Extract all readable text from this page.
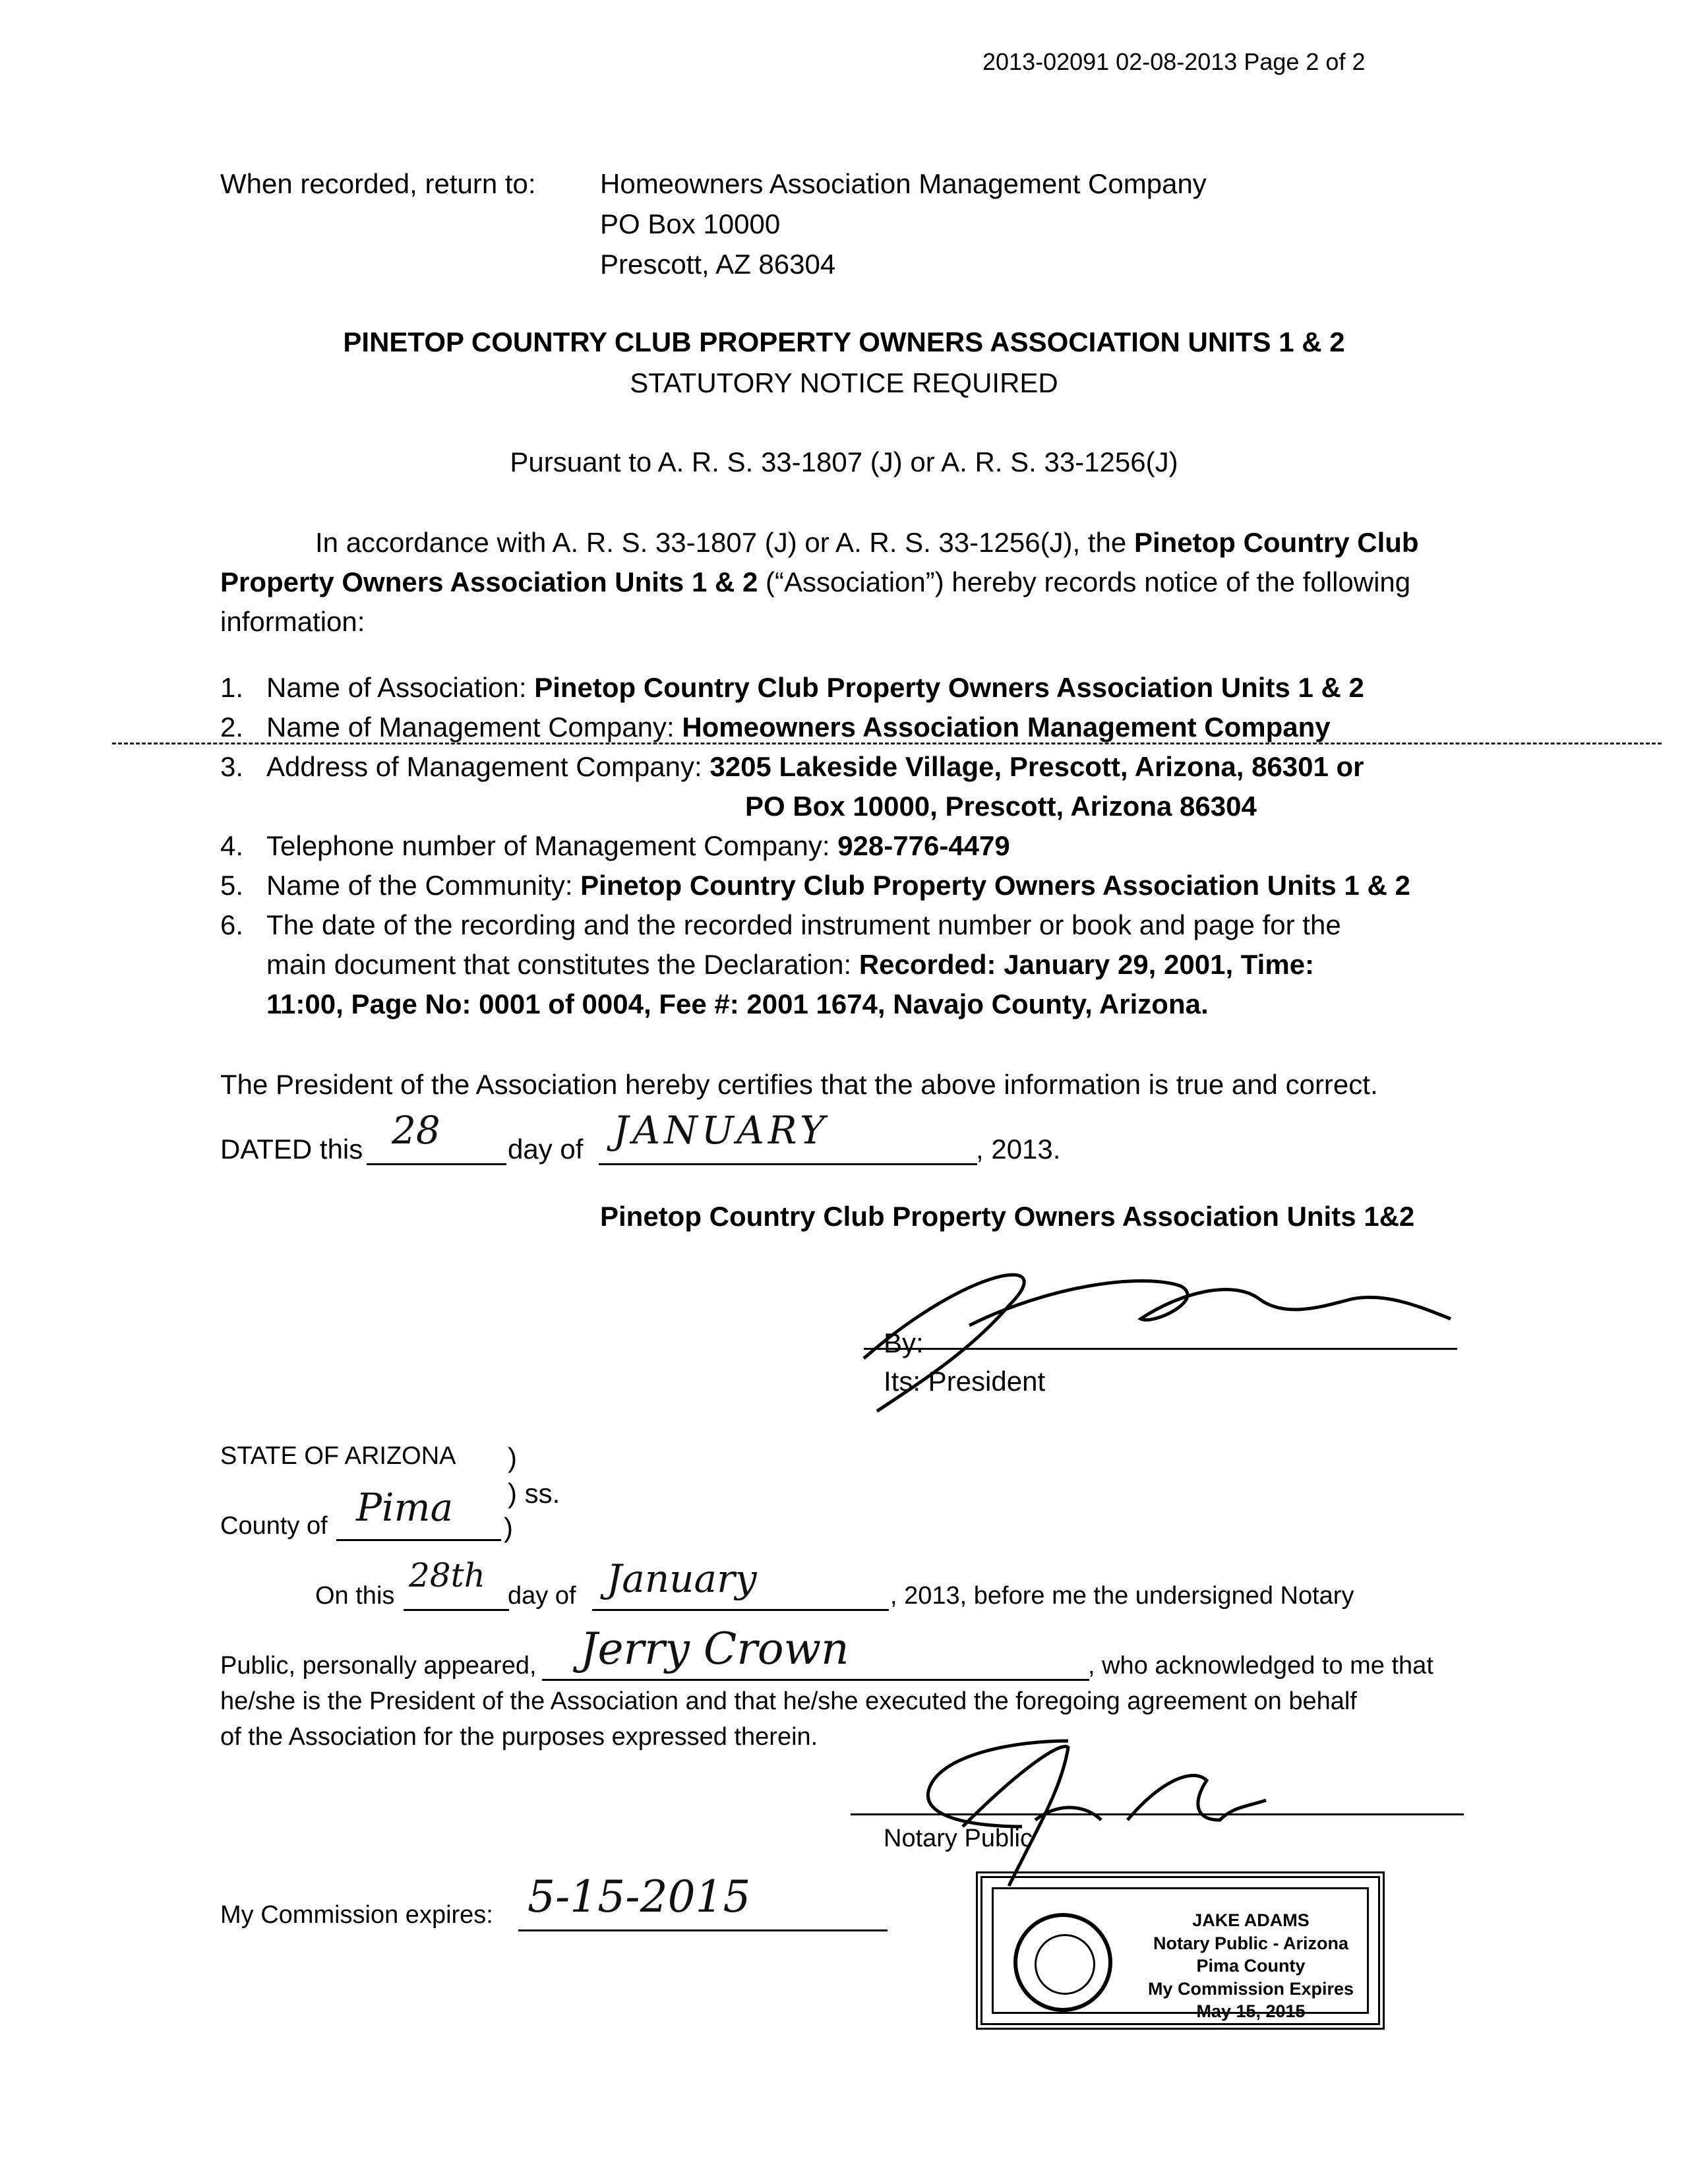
2013-02091 02-08-2013 Page 2 of 2
When recorded, return to: Homeowners Association Management Company
PO Box 10000
Prescott, AZ 86304
PINETOP COUNTRY CLUB PROPERTY OWNERS ASSOCIATION UNITS 1 & 2
STATUTORY NOTICE REQUIRED
Pursuant to A. R. S. 33-1807 (J) or A. R. S. 33-1256(J)
In accordance with A. R. S. 33-1807 (J) or A. R. S. 33-1256(J), the Pinetop Country Club
Property Owners Association Units 1 & 2 (“Association”) hereby records notice of the following
information:
1. Name of Association: Pinetop Country Club Property Owners Association Units 1 & 2
2. Name of Management Company: Homeowners Association Management Company
3. Address of Management Company: 3205 Lakeside Village, Prescott, Arizona, 86301 or
PO Box 10000, Prescott, Arizona 86304
4. Telephone number of Management Company: 928-776-4479
5. Name of the Community: Pinetop Country Club Property Owners Association Units 1 & 2
6. The date of the recording and the recorded instrument number or book and page for the
main document that constitutes the Declaration: Recorded: January 29, 2001, Time:
11:00, Page No: 0001 of 0004, Fee #: 2001 1674, Navajo County, Arizona.
The President of the Association hereby certifies that the above information is true and correct.
DATED this 28 day of JANUARY	, 2013.
Pinetop Country Club Property Owners Association Units 1&2
By:
Its: President
STATE OF ARIZONA )
) ss.
County of Pima )
On this
28th
day of January	, 2013, before me the undersigned Notary
Public, personally appeared, Jerry Crown	, who acknowledged to me that
he/she is the President of the Association and that he/she executed the foregoing agreement on behalf
of the Association for the purposes expressed therein.
Notary Public
My Commission expires: 5-15-2015	JAKE ADAMS
Notary Public - Arizona
Pima County
My Commission Expires
May 15, 2015
